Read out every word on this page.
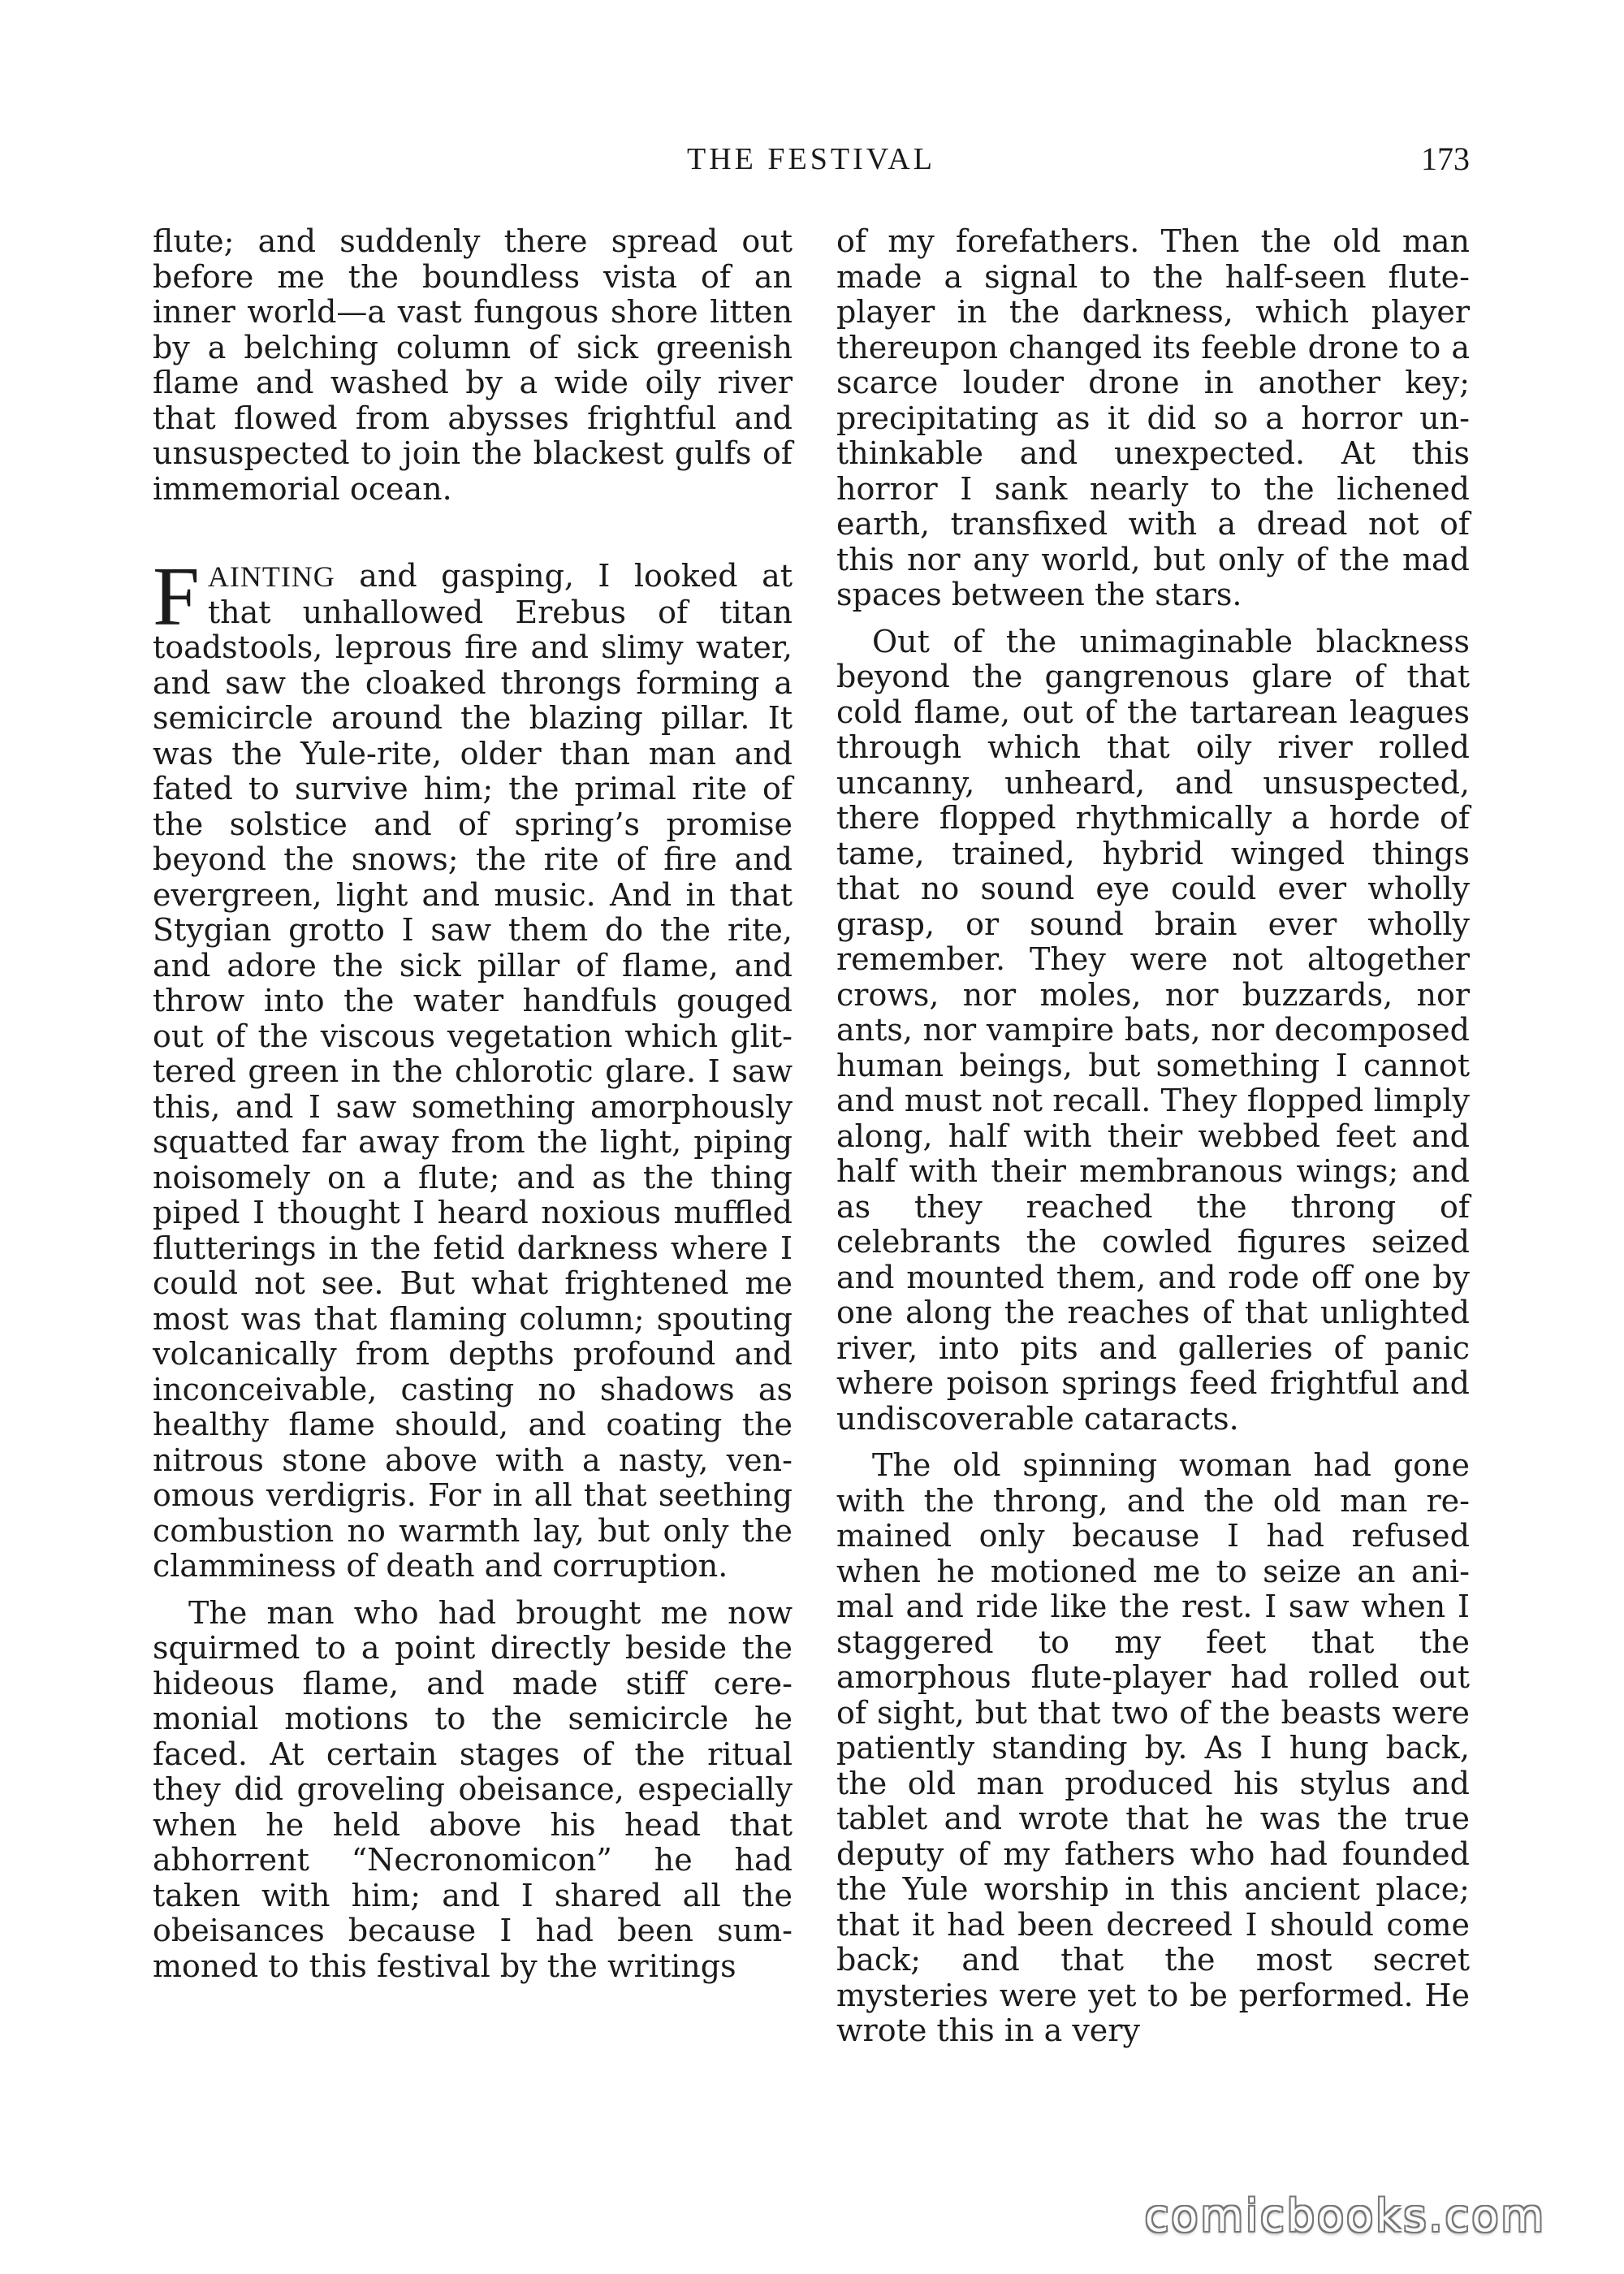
THE FESTIVAL	173

flute; and suddenly there spread out before me the boundless vista of an inner world—a vast fungous shore litten by a belching column of sick greenish flame and washed by a wide oily river that flowed from abysses frightful and unsuspected to join the blackest gulfs of immemorial ocean.

FAINTING and gasping, I looked at that unhallowed Erebus of titan toadstools, leprous fire and slimy water, and saw the cloaked throngs forming a semicircle around the blazing pillar. It was the Yule-rite, older than man and fated to survive him; the primal rite of the solstice and of spring’s promise beyond the snows; the rite of fire and evergreen, light and music. And in that Stygian grotto I saw them do the rite, and adore the sick pillar of flame, and throw into the water handfuls gouged out of the viscous vegetation which glittered green in the chlorotic glare. I saw this, and I saw something amorphously squatted far away from the light, piping noisomely on a flute; and as the thing piped I thought I heard noxious muffled flutterings in the fetid darkness where I could not see. But what frightened me most was that flaming column; spouting volcanically from depths profound and inconceivable, casting no shadows as healthy flame should, and coating the nitrous stone above with a nasty, venomous verdigris. For in all that seething combustion no warmth lay, but only the clamminess of death and corruption.

The man who had brought me now squirmed to a point directly beside the hideous flame, and made stiff ceremonial motions to the semicircle he faced. At certain stages of the ritual they did groveling obeisance, especially when he held above his head that abhorrent “Necronomicon” he had taken with him; and I shared all the obeisances because I had been summoned to this festival by the writings

of my forefathers. Then the old man made a signal to the half-seen flute-player in the darkness, which player thereupon changed its feeble drone to a scarce louder drone in another key; precipitating as it did so a horror unthinkable and unexpected. At this horror I sank nearly to the lichened earth, transfixed with a dread not of this nor any world, but only of the mad spaces between the stars.

Out of the unimaginable blackness beyond the gangrenous glare of that cold flame, out of the tartarean leagues through which that oily river rolled uncanny, unheard, and unsuspected, there flopped rhythmically a horde of tame, trained, hybrid winged things that no sound eye could ever wholly grasp, or sound brain ever wholly remember. They were not altogether crows, nor moles, nor buzzards, nor ants, nor vampire bats, nor decomposed human beings, but something I cannot and must not recall. They flopped limply along, half with their webbed feet and half with their membranous wings; and as they reached the throng of celebrants the cowled figures seized and mounted them, and rode off one by one along the reaches of that unlighted river, into pits and galleries of panic where poison springs feed frightful and undiscoverable cataracts.

The old spinning woman had gone with the throng, and the old man remained only because I had refused when he motioned me to seize an animal and ride like the rest. I saw when I staggered to my feet that the amorphous flute-player had rolled out of sight, but that two of the beasts were patiently standing by. As I hung back, the old man produced his stylus and tablet and wrote that he was the true deputy of my fathers who had founded the Yule worship in this ancient place; that it had been decreed I should come back; and that the most secret mysteries were yet to be performed. He wrote this in a very

comicbooks.com
